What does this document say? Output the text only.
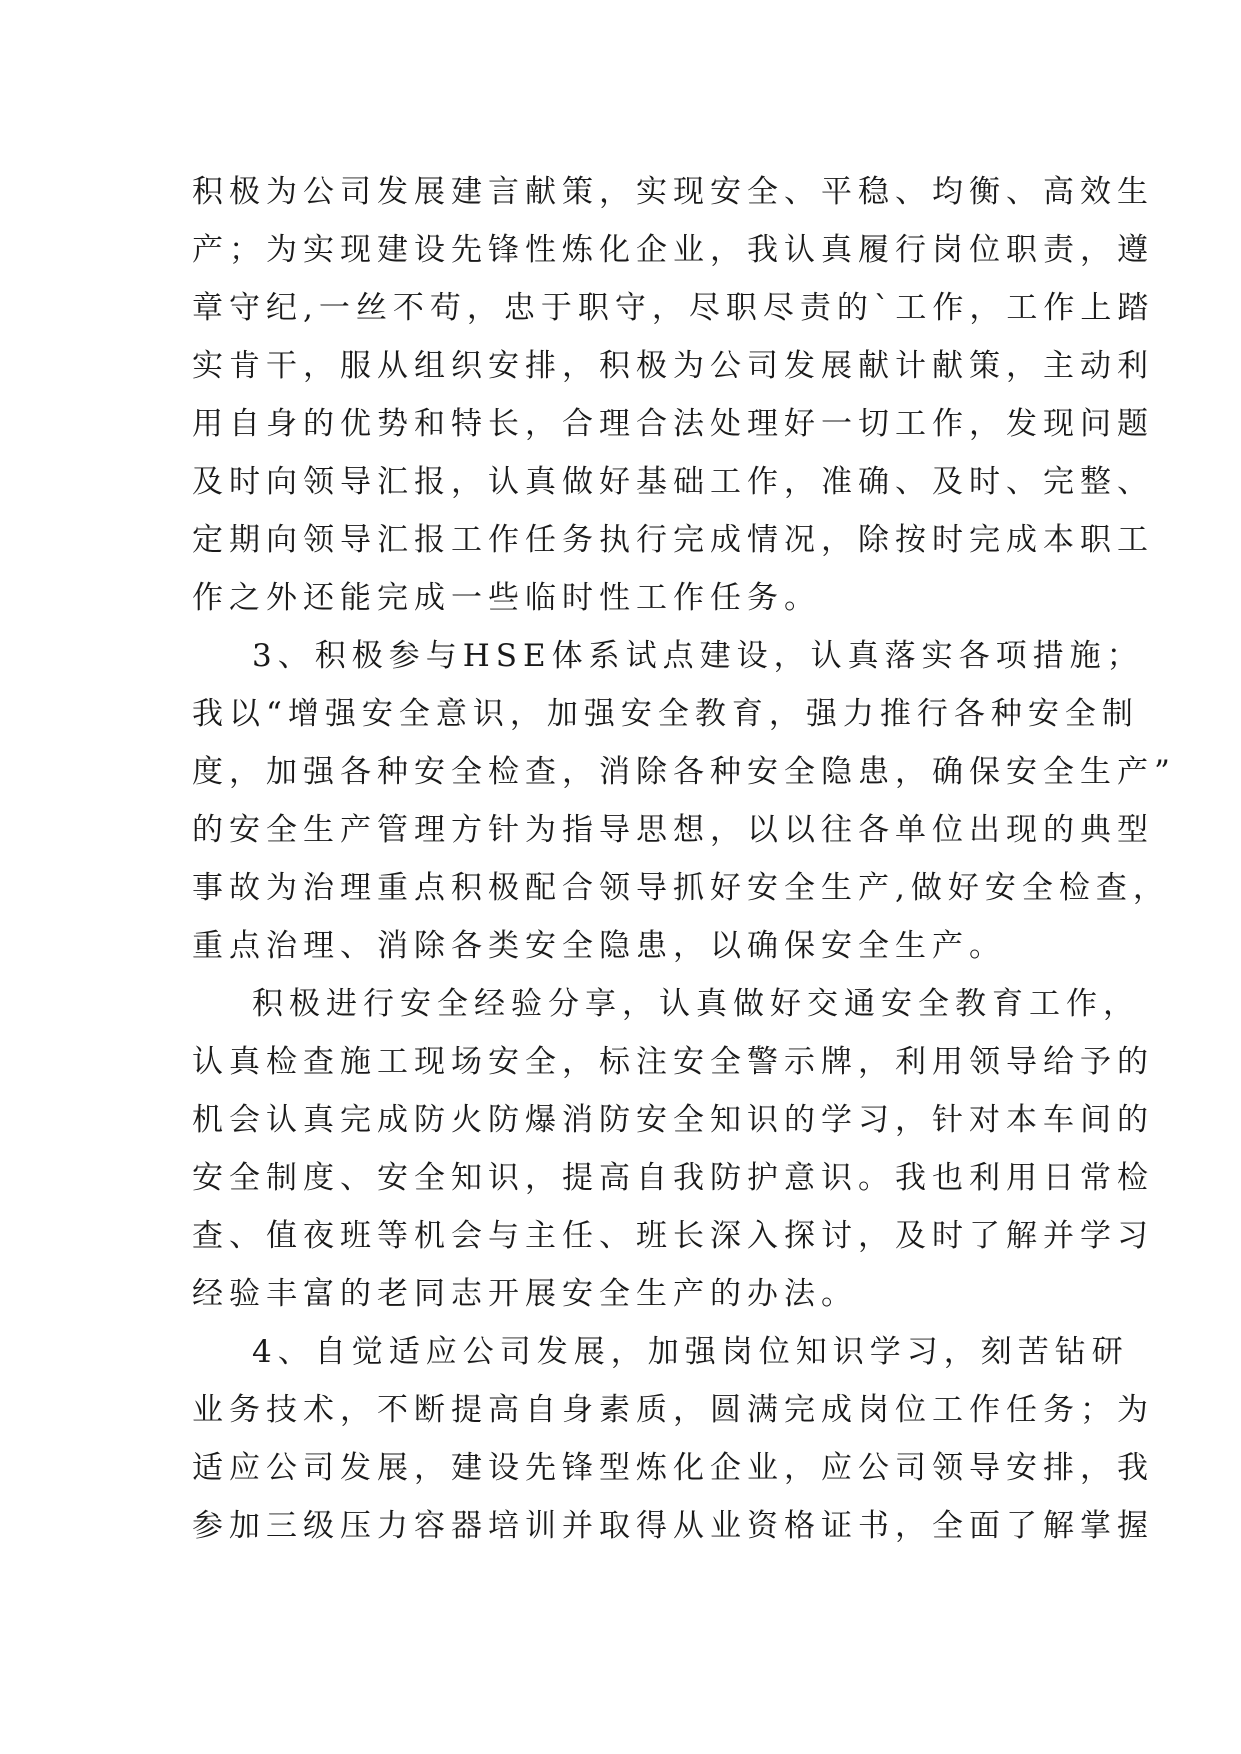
积极为公司发展建言献策，实现安全、平稳、均衡、高效生
产；为实现建设先锋性炼化企业，我认真履行岗位职责，遵
章守纪,一丝不苟，忠于职守，尽职尽责的`工作，工作上踏
实肯干，服从组织安排，积极为公司发展献计献策，主动利
用自身的优势和特长，合理合法处理好一切工作，发现问题
及时向领导汇报，认真做好基础工作，准确、及时、完整、
定期向领导汇报工作任务执行完成情况，除按时完成本职工
作之外还能完成一些临时性工作任务。
3、积极参与HSE体系试点建设，认真落实各项措施；
我以“增强安全意识，加强安全教育，强力推行各种安全制
度，加强各种安全检查，消除各种安全隐患，确保安全生产”
的安全生产管理方针为指导思想，以以往各单位出现的典型
事故为治理重点积极配合领导抓好安全生产,做好安全检查，
重点治理、消除各类安全隐患，以确保安全生产。
积极进行安全经验分享，认真做好交通安全教育工作，
认真检查施工现场安全，标注安全警示牌，利用领导给予的
机会认真完成防火防爆消防安全知识的学习，针对本车间的
安全制度、安全知识，提高自我防护意识。我也利用日常检
查、值夜班等机会与主任、班长深入探讨，及时了解并学习
经验丰富的老同志开展安全生产的办法。
4、自觉适应公司发展，加强岗位知识学习，刻苦钻研
业务技术，不断提高自身素质，圆满完成岗位工作任务；为
适应公司发展，建设先锋型炼化企业，应公司领导安排，我
参加三级压力容器培训并取得从业资格证书，全面了解掌握
